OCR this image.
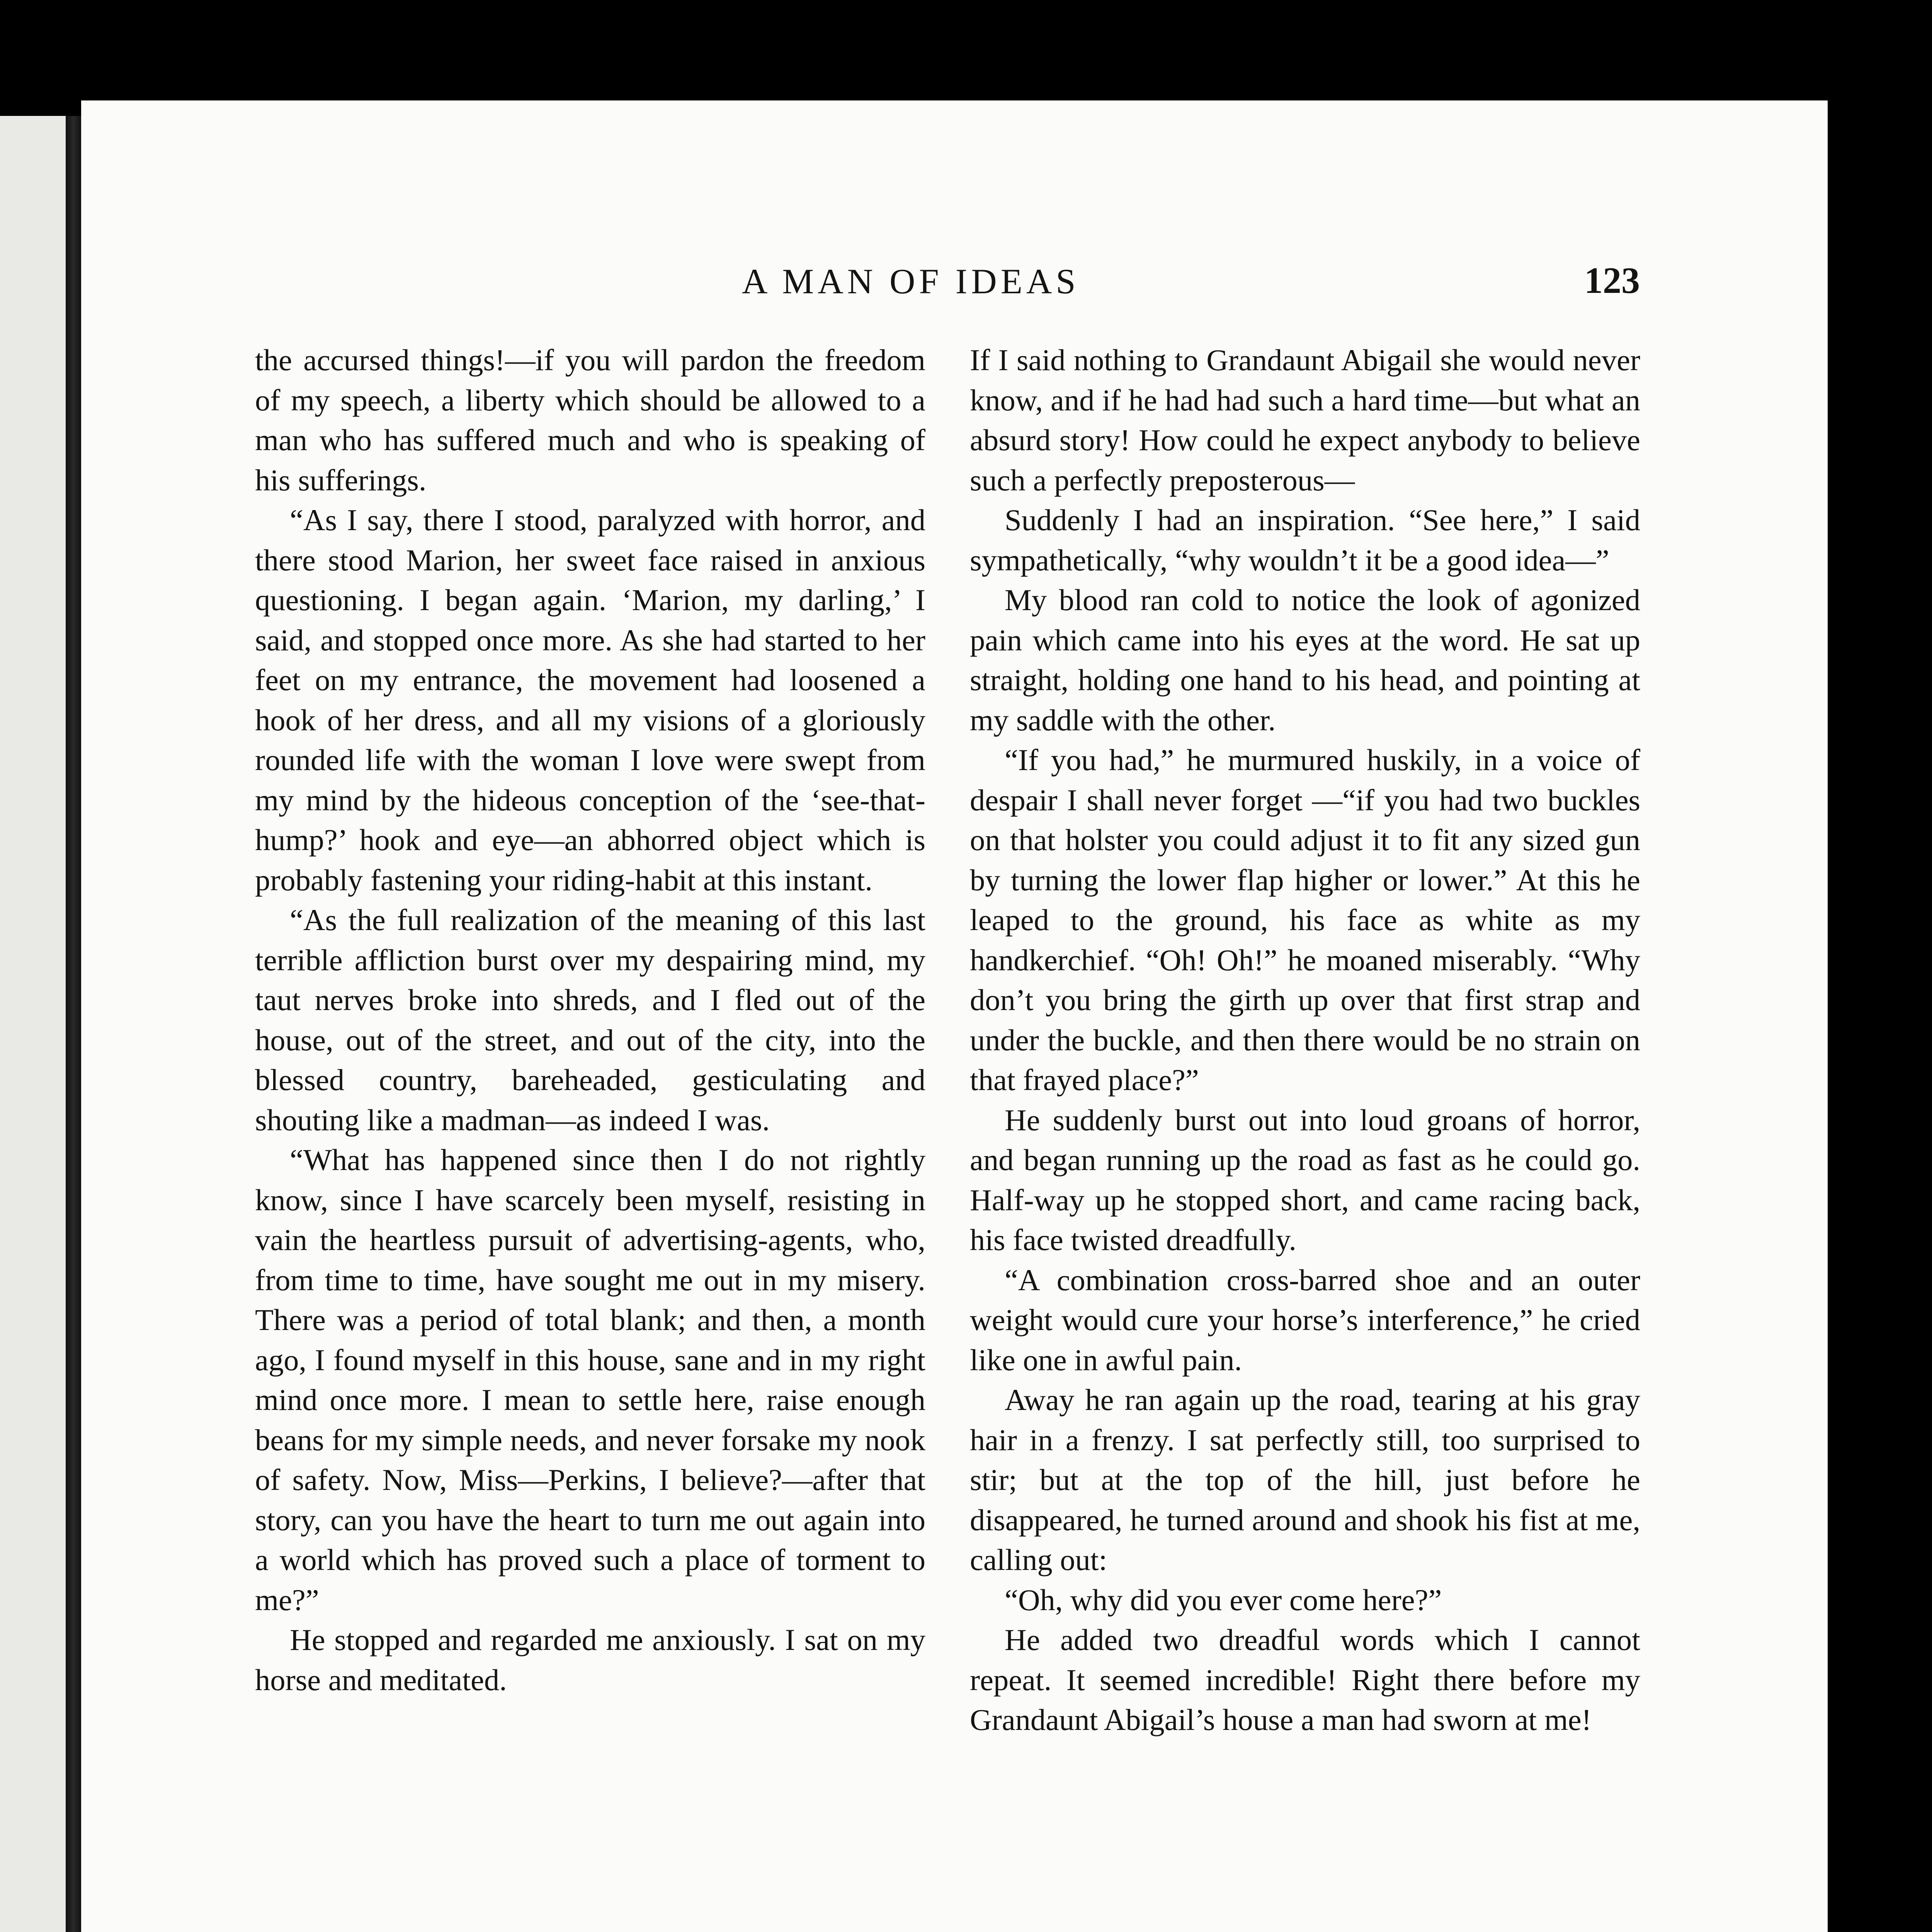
A MAN OF IDEAS	123

the accursed things!—if you will pardon the freedom of my speech, a liberty which should be allowed to a man who has suffered much and who is speaking of his sufferings.

“As I say, there I stood, paralyzed with horror, and there stood Marion, her sweet face raised in anxious questioning. I began again. ‘Marion, my darling,’ I said, and stopped once more. As she had started to her feet on my entrance, the movement had loosened a hook of her dress, and all my visions of a gloriously rounded life with the woman I love were swept from my mind by the hideous conception of the ‘see-that-hump?’ hook and eye—an abhorred object which is probably fastening your riding-habit at this instant.

“As the full realization of the meaning of this last terrible affliction burst over my despairing mind, my taut nerves broke into shreds, and I fled out of the house, out of the street, and out of the city, into the blessed country, bareheaded, gesticulating and shouting like a madman—as indeed I was.

“What has happened since then I do not rightly know, since I have scarcely been myself, resisting in vain the heartless pursuit of advertising-agents, who, from time to time, have sought me out in my misery. There was a period of total blank; and then, a month ago, I found myself in this house, sane and in my right mind once more. I mean to settle here, raise enough beans for my simple needs, and never forsake my nook of safety. Now, Miss—Perkins, I believe?—after that story, can you have the heart to turn me out again into a world which has proved such a place of torment to me?”

He stopped and regarded me anxiously. I sat on my horse and meditated.

If I said nothing to Grandaunt Abigail she would never know, and if he had had such a hard time—but what an absurd story! How could he expect anybody to believe such a perfectly preposterous—

Suddenly I had an inspiration. “See here,” I said sympathetically, “why wouldn’t it be a good idea—”

My blood ran cold to notice the look of agonized pain which came into his eyes at the word. He sat up straight, holding one hand to his head, and pointing at my saddle with the other.

“If you had,” he murmured huskily, in a voice of despair I shall never forget —“if you had two buckles on that holster you could adjust it to fit any sized gun by turning the lower flap higher or lower.” At this he leaped to the ground, his face as white as my handkerchief. “Oh! Oh!” he moaned miserably. “Why don’t you bring the girth up over that first strap and under the buckle, and then there would be no strain on that frayed place?”

He suddenly burst out into loud groans of horror, and began running up the road as fast as he could go. Half-way up he stopped short, and came racing back, his face twisted dreadfully.

“A combination cross-barred shoe and an outer weight would cure your horse’s interference,” he cried like one in awful pain.

Away he ran again up the road, tearing at his gray hair in a frenzy. I sat perfectly still, too surprised to stir; but at the top of the hill, just before he disappeared, he turned around and shook his fist at me, calling out:

“Oh, why did you ever come here?”

He added two dreadful words which I cannot repeat. It seemed incredible! Right there before my Grandaunt Abigail’s house a man had sworn at me!
